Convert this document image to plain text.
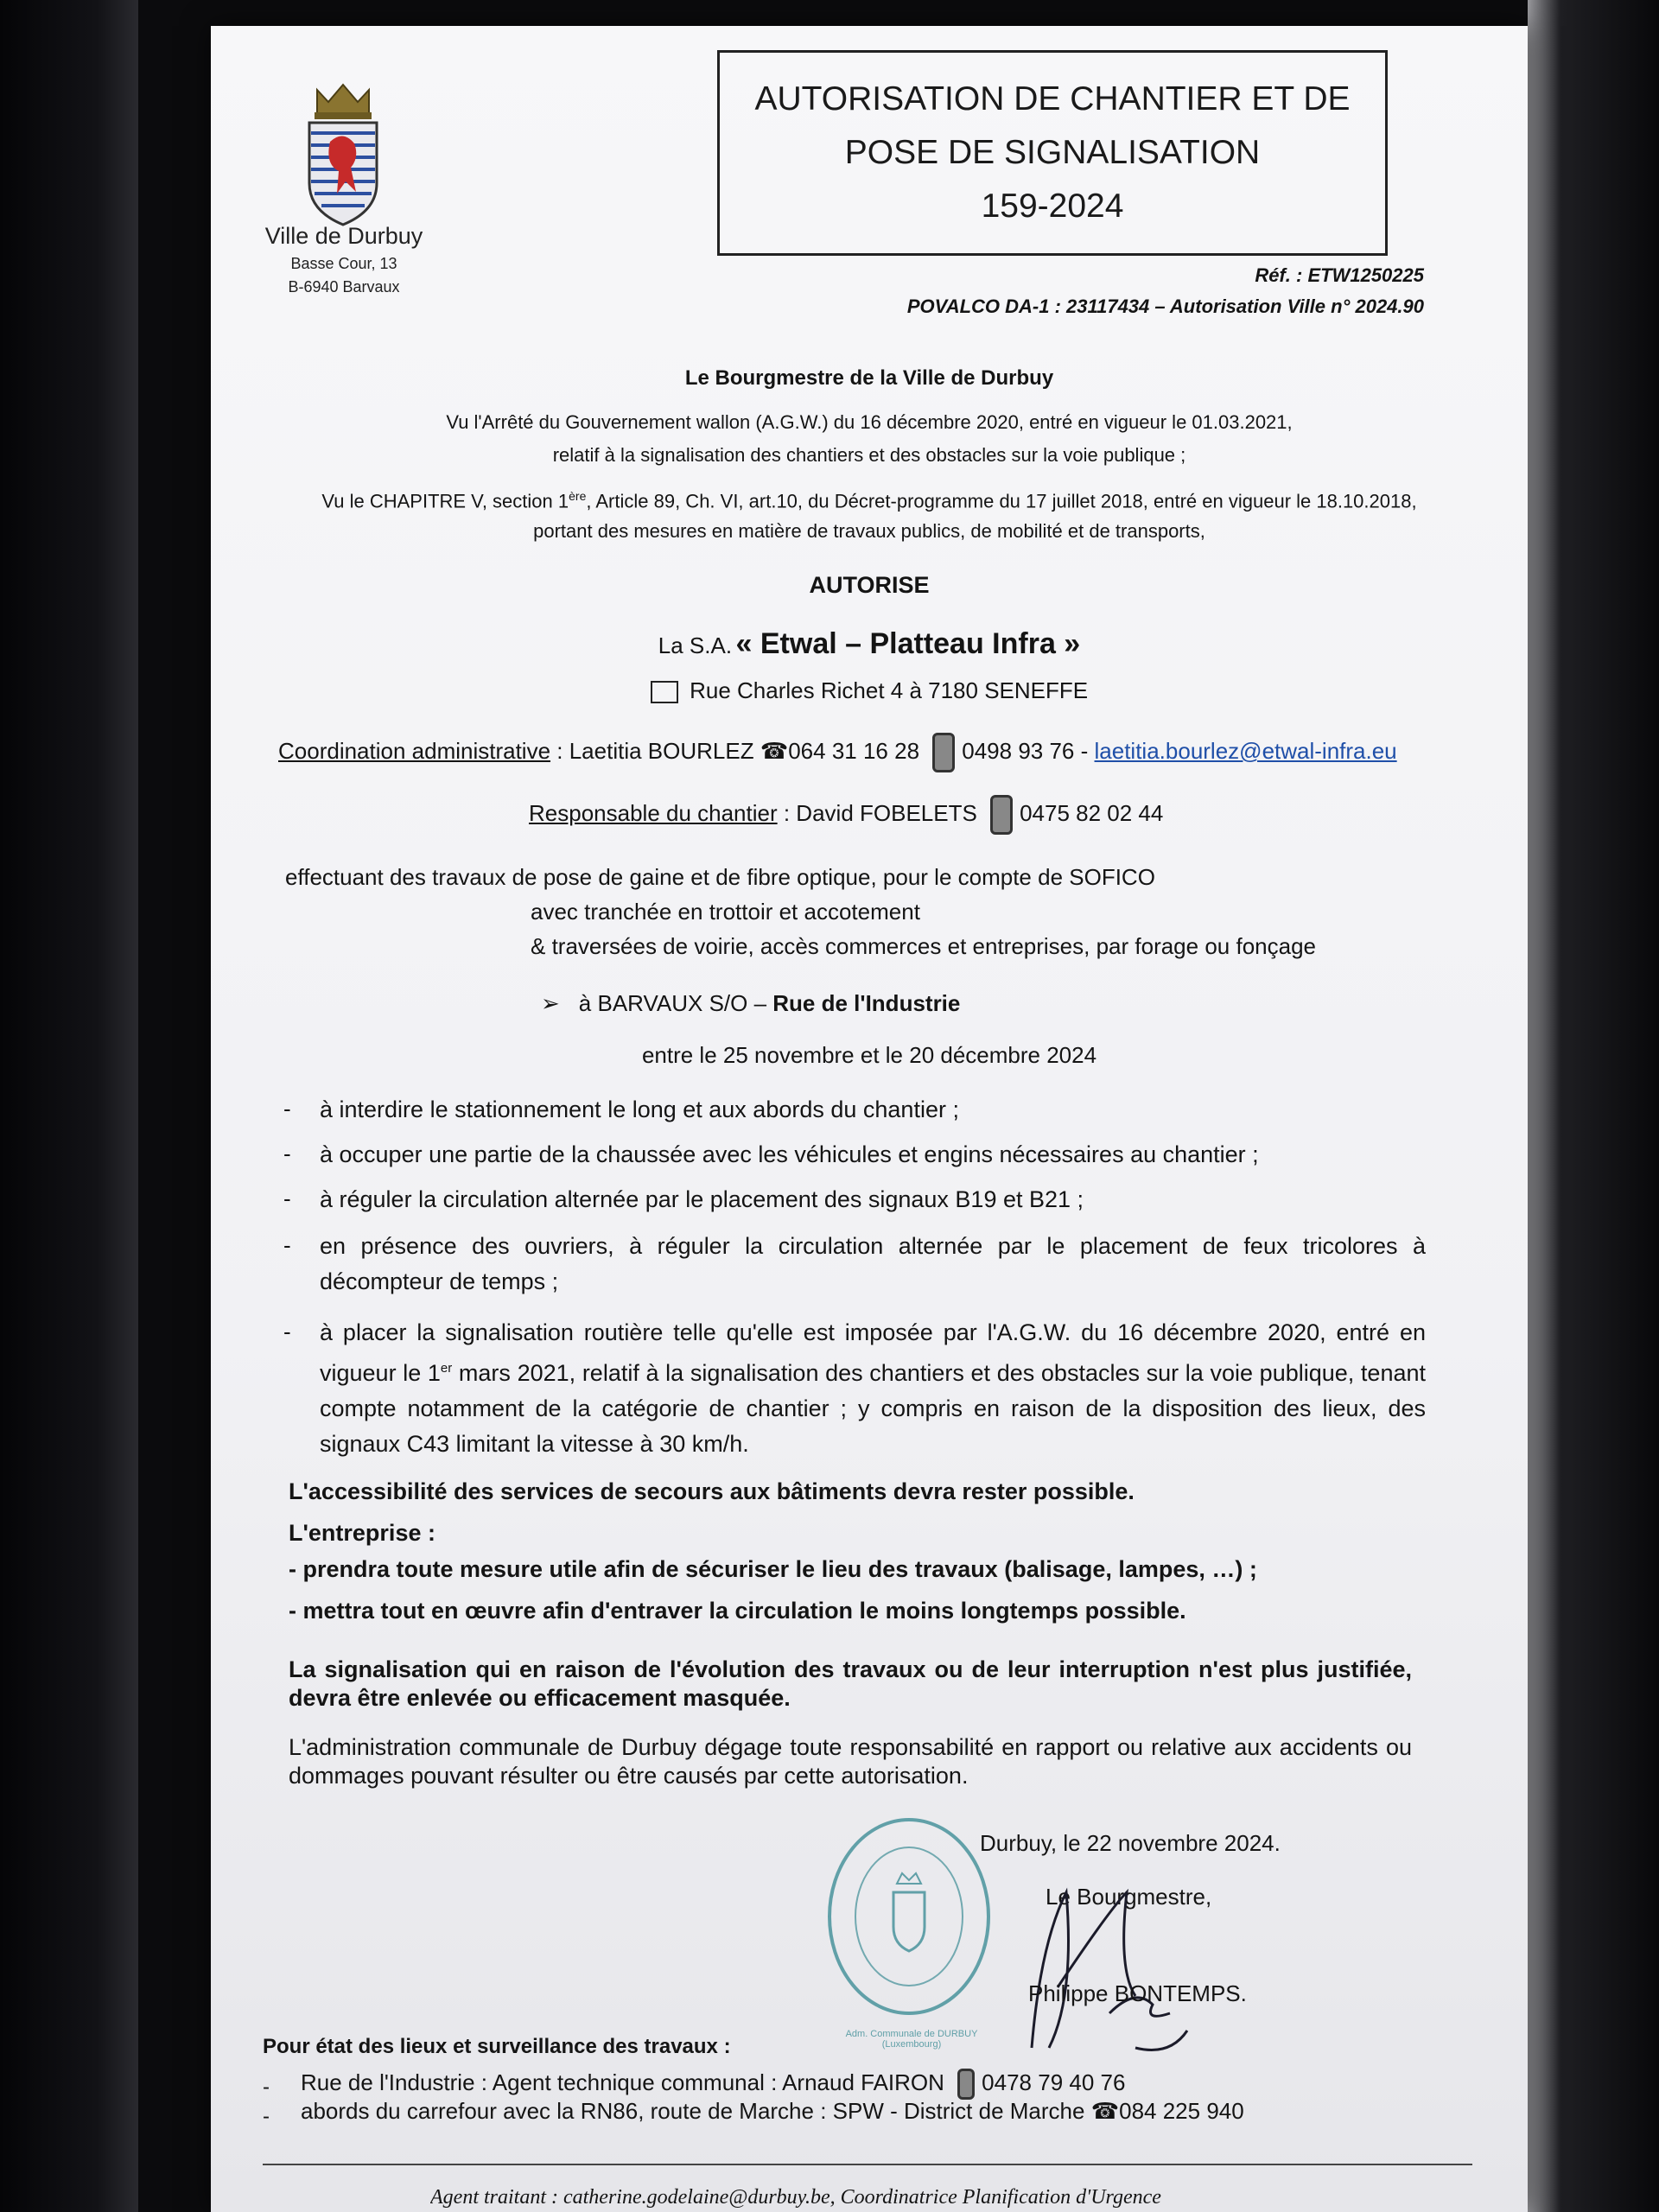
Ville de Durbuy
Basse Cour, 13
B-6940 Barvaux
AUTORISATION DE CHANTIER ET DE
POSE DE SIGNALISATION
159-2024
Réf. : ETW1250225
POVALCO DA-1 : 23117434 – Autorisation Ville n° 2024.90
Le Bourgmestre de la Ville de Durbuy
Vu l'Arrêté du Gouvernement wallon (A.G.W.) du 16 décembre 2020, entré en vigueur le 01.03.2021,
relatif à la signalisation des chantiers et des obstacles sur la voie publique ;
Vu le CHAPITRE V, section 1ère, Article 89, Ch. VI, art.10, du Décret-programme du 17 juillet 2018, entré en vigueur le 18.10.2018,
portant des mesures en matière de travaux publics, de mobilité et de transports,
AUTORISE
La S.A. « Etwal – Platteau Infra »
Rue Charles Richet 4 à 7180 SENEFFE
Coordination administrative : Laetitia BOURLEZ ☎064 31 16 28 0498 93 76 - laetitia.bourlez@etwal-infra.eu
Responsable du chantier : David FOBELETS 0475 82 02 44
effectuant des travaux de pose de gaine et de fibre optique, pour le compte de SOFICO
avec tranchée en trottoir et accotement
& traversées de voirie, accès commerces et entreprises, par forage ou fonçage
➢ à BARVAUX S/O – Rue de l'Industrie
entre le 25 novembre et le 20 décembre 2024
- à interdire le stationnement le long et aux abords du chantier ;
- à occuper une partie de la chaussée avec les véhicules et engins nécessaires au chantier ;
- à réguler la circulation alternée par le placement des signaux B19 et B21 ;
- en présence des ouvriers, à réguler la circulation alternée par le placement de feux tricolores à décompteur de temps ;
- à placer la signalisation routière telle qu'elle est imposée par l'A.G.W. du 16 décembre 2020, entré en vigueur le 1er mars 2021, relatif à la signalisation des chantiers et des obstacles sur la voie publique, tenant compte notamment de la catégorie de chantier ; y compris en raison de la disposition des lieux, des signaux C43 limitant la vitesse à 30 km/h.
L'accessibilité des services de secours aux bâtiments devra rester possible.
L'entreprise :
- prendra toute mesure utile afin de sécuriser le lieu des travaux (balisage, lampes, …) ;
- mettra tout en œuvre afin d'entraver la circulation le moins longtemps possible.
La signalisation qui en raison de l'évolution des travaux ou de leur interruption n'est plus justifiée, devra être enlevée ou efficacement masquée.
L'administration communale de Durbuy dégage toute responsabilité en rapport ou relative aux accidents ou dommages pouvant résulter ou être causés par cette autorisation.
Adm. Communale de DURBUY (Luxembourg)
Durbuy, le 22 novembre 2024.
Le Bourgmestre,
Philippe BONTEMPS.
Pour état des lieux et surveillance des travaux :
- Rue de l'Industrie : Agent technique communal : Arnaud FAIRON 0478 79 40 76
- abords du carrefour avec la RN86, route de Marche : SPW - District de Marche ☎084 225 940
Agent traitant : catherine.godelaine@durbuy.be, Coordinatrice Planification d'Urgence
